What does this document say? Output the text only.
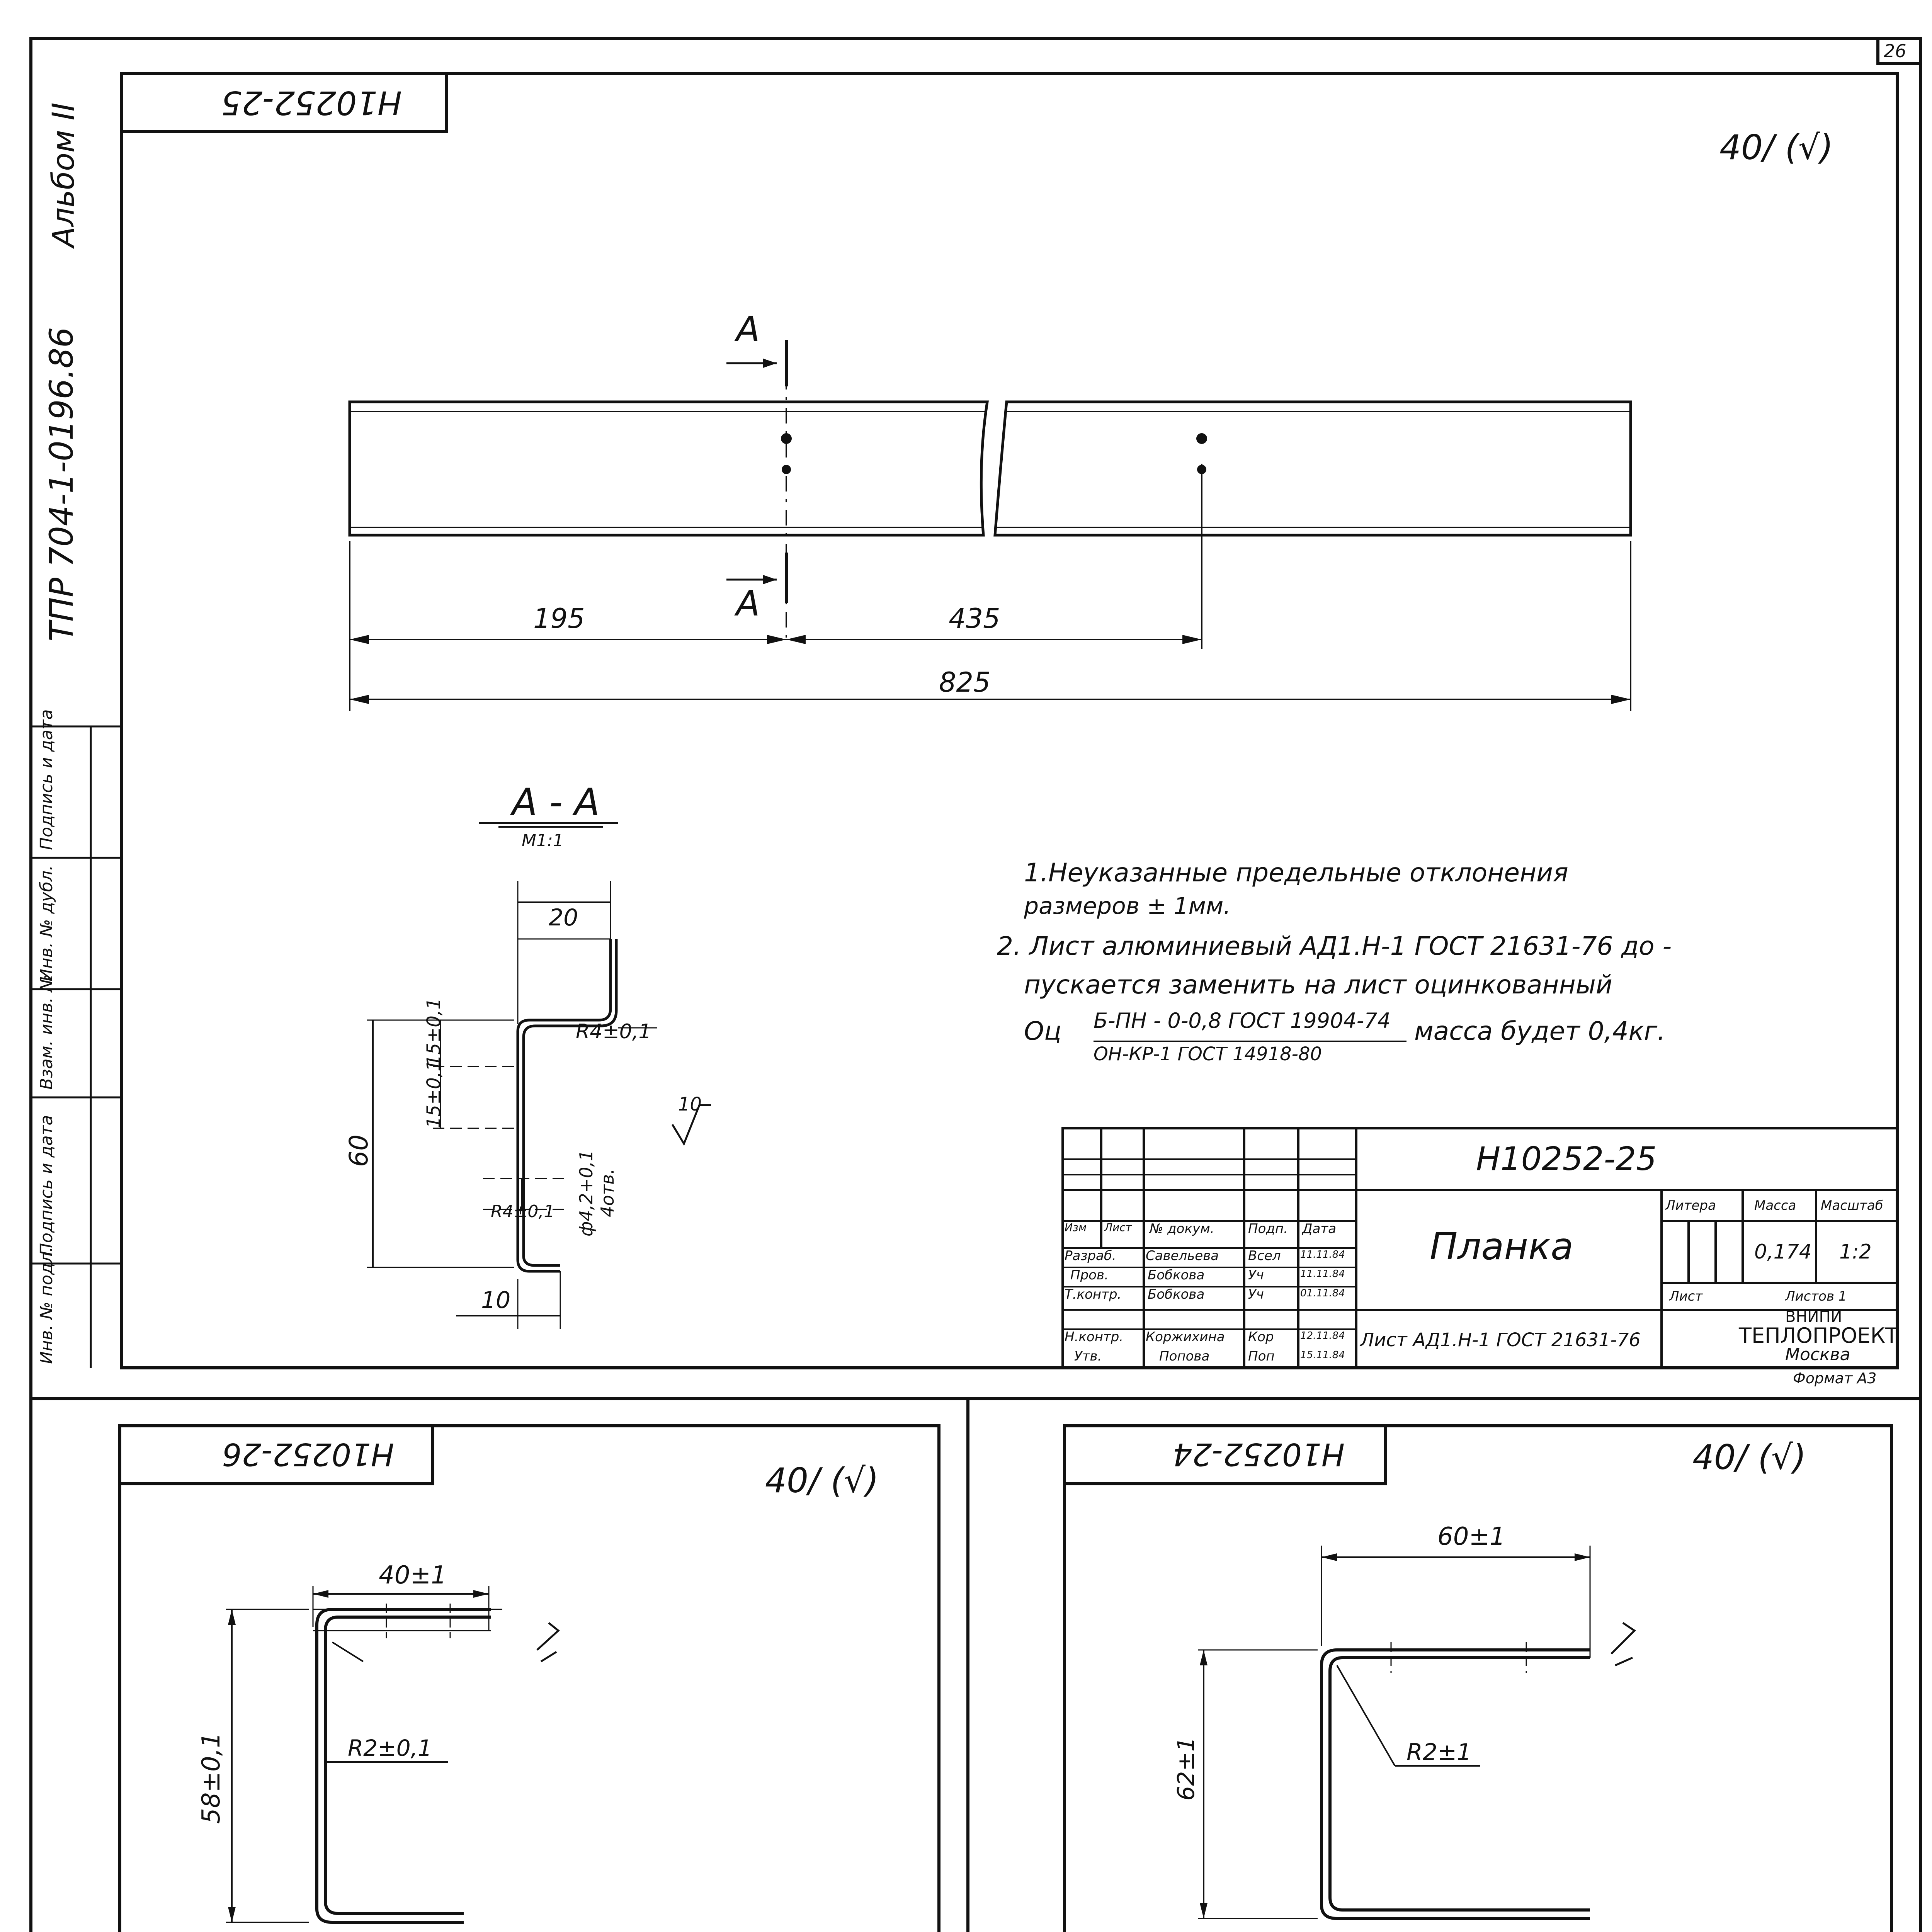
26
Альбом II
ТПР 704-1-0196.86
Подпись и дата
Инв. № дубл.
Взам. инв. №
Подпись и дата
Инв. № подл.
Н10252-25
40/ (√)
А
А
195	435
825
А - А
М1:1
20
R4±0,1
15±0,1
15±0,1
60	ф4,2+0,1 4отв.
R4±0,1
10
10
1.Неуказанные предельные отклонения
размеров ± 1мм.
2. Лист алюминиевый АД1.Н-1 ГОСТ 21631-76 до -
пускается заменить на лист оцинкованный
Оц Б-ПН - 0-0,8 ГОСТ 19904-74
ОН-КР-1 ГОСТ 14918-80
масса будет 0,4кг.
Н10252-25
Планка
Лист АД1.Н-1 ГОСТ 21631-76
Литера	Масса Масштаб
0,174 1:2
Лист	Листов 1
ВНИПИ
ТЕПЛОПРОЕКТ
Москва
Формат А3
Изм Лист № докум.	Подп. Дата
Разраб. Савельева Всел 11.11.84
Пров.	Бобкова	Уч	11.11.84
Т.контр. Бобкова	Уч	01.11.84
Н.контр. Коржихина Кор	12.11.84
Утв.	Попова	Поп	15.11.84
Н10252-26
40/ (√)
40±1
58±0,1	R2±0,1
Н10252-24	40/ (√)
60±1
62±1	R2±1
